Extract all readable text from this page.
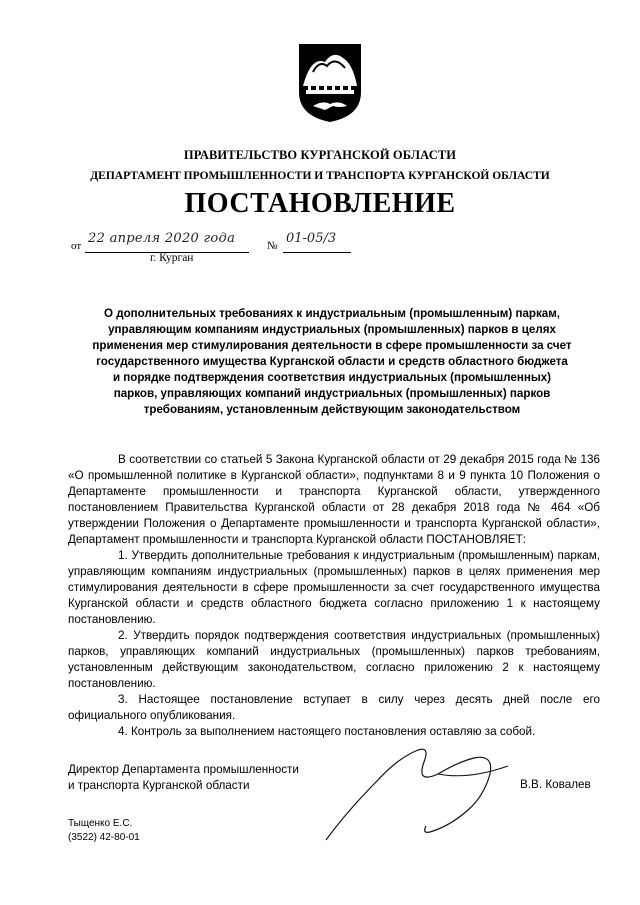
ПРАВИТЕЛЬСТВО КУРГАНСКОЙ ОБЛАСТИ
ДЕПАРТАМЕНТ ПРОМЫШЛЕННОСТИ И ТРАНСПОРТА КУРГАНСКОЙ ОБЛАСТИ
ПОСТАНОВЛЕНИЕ
от 22 апреля 2020 года	№ 01-05/3
г. Курган
О дополнительных требованиях к индустриальным (промышленным) паркам,
управляющим компаниям индустриальных (промышленных) парков в целях
применения мер стимулирования деятельности в сфере промышленности за счет
государственного имущества Курганской области и средств областного бюджета
и порядке подтверждения соответствия индустриальных (промышленных)
парков, управляющих компаний индустриальных (промышленных) парков
требованиям, установленным действующим законодательством

В соответствии со статьей 5 Закона Курганской области от 29 декабря 2015 года № 136 «О промышленной политике в Курганской области», подпунктами 8 и 9 пункта 10 Положения о Департаменте промышленности и транспорта Курганской области, утвержденного постановлением Правительства Курганской области от 28 декабря 2018 года № 464 «Об утверждении Положения о Департаменте промышленности и транспорта Курганской области», Департамент промышленности и транспорта Курганской области ПОСТАНОВЛЯЕТ:

1. Утвердить дополнительные требования к индустриальным (промышленным) паркам, управляющим компаниям индустриальных (промышленных) парков в целях применения мер стимулирования деятельности в сфере промышленности за счет государственного имущества Курганской области и средств областного бюджета согласно приложению 1 к настоящему постановлению.

2. Утвердить порядок подтверждения соответствия индустриальных (промышленных) парков, управляющих компаний индустриальных (промышленных) парков требованиям, установленным действующим законодательством, согласно приложению 2 к настоящему постановлению.

3. Настоящее постановление вступает в силу через десять дней после его официального опубликования.

4. Контроль за выполнением настоящего постановления оставляю за собой.

Директор Департамента промышленности
и транспорта Курганской области	В.В. Ковалев
Тыщенко Е.С.
(3522) 42-80-01
